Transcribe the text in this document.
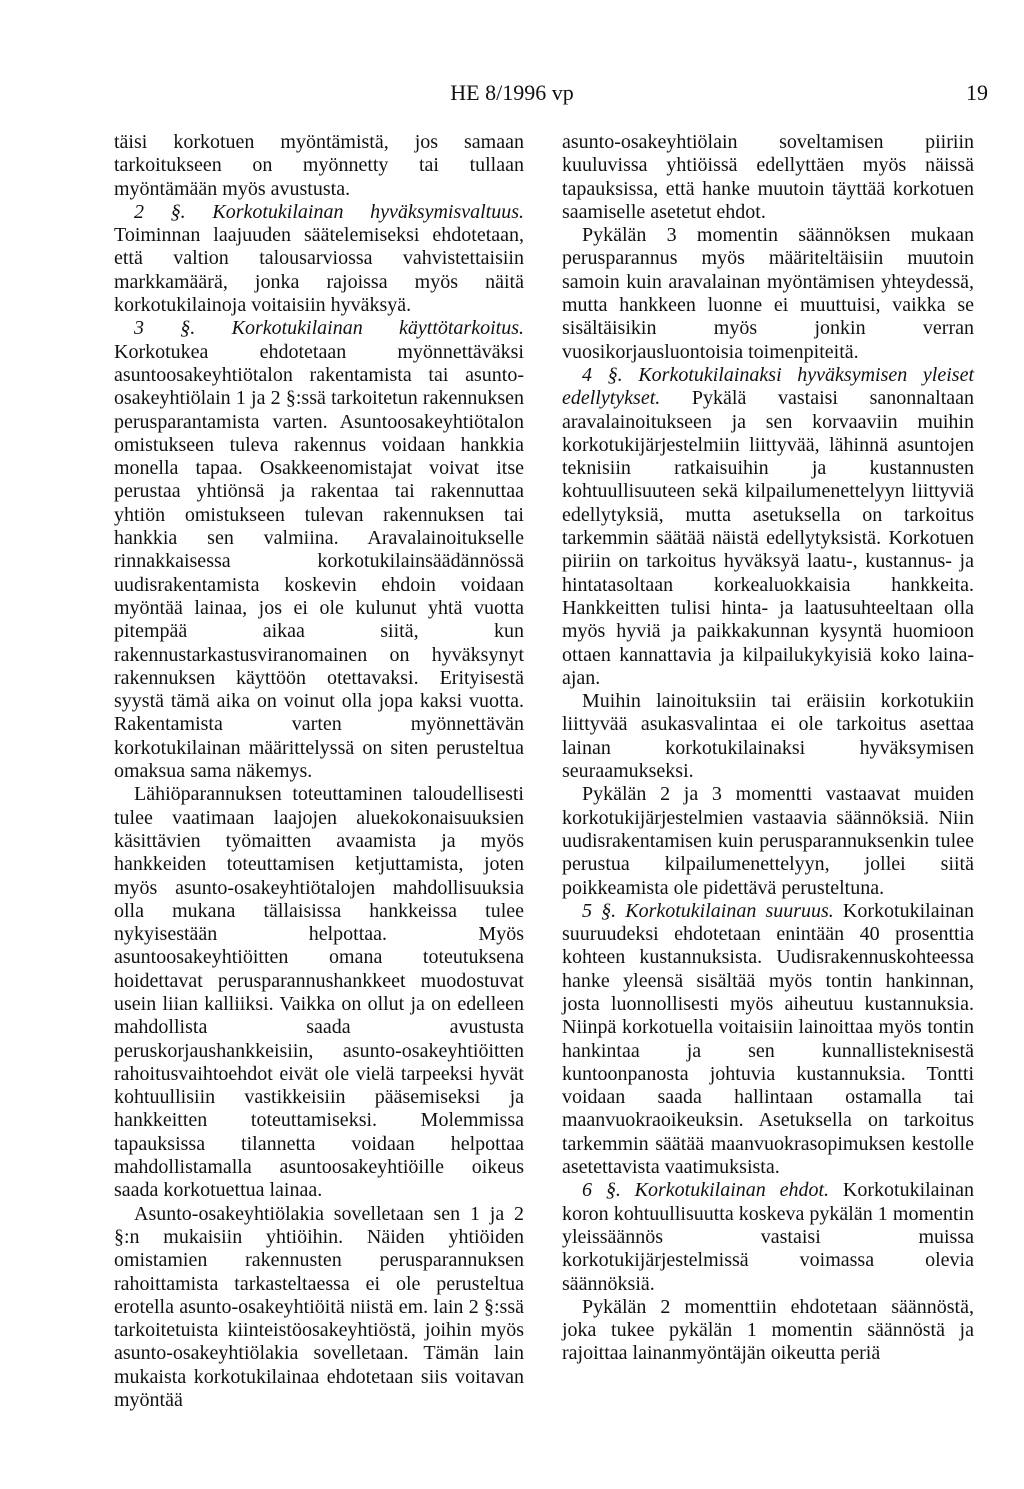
HE 8/1996 vp	19

täisi korkotuen myöntämistä, jos samaan tarkoitukseen on myönnetty tai tullaan myöntämään myös avustusta.

2 §. Korkotukilainan hyväksymisvaltuus. Toiminnan laajuuden säätelemiseksi ehdotetaan, että valtion talousarviossa vahvistettaisiin markkamäärä, jonka rajoissa myös näitä korkotukilainoja voitaisiin hyväksyä.

3 §. Korkotukilainan käyttötarkoitus. Korkotukea ehdotetaan myönnettäväksi asuntoosakeyhtiötalon rakentamista tai asunto-osakeyhtiölain 1 ja 2 §:ssä tarkoitetun rakennuksen perusparantamista varten. Asuntoosakeyhtiötalon omistukseen tuleva rakennus voidaan hankkia monella tapaa. Osakkeenomistajat voivat itse perustaa yhtiönsä ja rakentaa tai rakennuttaa yhtiön omistukseen tulevan rakennuksen tai hankkia sen valmiina. Aravalainoitukselle rinnakkaisessa korkotukilainsäädännössä uudisrakentamista koskevin ehdoin voidaan myöntää lainaa, jos ei ole kulunut yhtä vuotta pitempää aikaa siitä, kun rakennustarkastusviranomainen on hyväksynyt rakennuksen käyttöön otettavaksi. Erityisestä syystä tämä aika on voinut olla jopa kaksi vuotta. Rakentamista varten myönnettävän korkotukilainan määrittelyssä on siten perusteltua omaksua sama näkemys.

Lähiöparannuksen toteuttaminen taloudellisesti tulee vaatimaan laajojen aluekokonaisuuksien käsittävien työmaitten avaamista ja myös hankkeiden toteuttamisen ketjuttamista, joten myös asunto-osakeyhtiötalojen mahdollisuuksia olla mukana tällaisissa hankkeissa tulee nykyisestään helpottaa. Myös asuntoosakeyhtiöitten omana toteutuksena hoidettavat perusparannushankkeet muodostuvat usein liian kalliiksi. Vaikka on ollut ja on edelleen mahdollista saada avustusta peruskorjaushankkeisiin, asunto-osakeyhtiöitten rahoitusvaihtoehdot eivät ole vielä tarpeeksi hyvät kohtuullisiin vastikkeisiin pääsemiseksi ja hankkeitten toteuttamiseksi. Molemmissa tapauksissa tilannetta voidaan helpottaa mahdollistamalla asuntoosakeyhtiöille oikeus saada korkotuettua lainaa.

Asunto-osakeyhtiölakia sovelletaan sen 1 ja 2 §:n mukaisiin yhtiöihin. Näiden yhtiöiden omistamien rakennusten perusparannuksen rahoittamista tarkasteltaessa ei ole perusteltua erotella asunto-osakeyhtiöitä niistä em. lain 2 §:ssä tarkoitetuista kiinteistöosakeyhtiöstä, joihin myös asunto-osakeyhtiölakia sovelletaan. Tämän lain mukaista korkotukilainaa ehdotetaan siis voitavan myöntää

asunto-osakeyhtiölain soveltamisen piiriin kuuluvissa yhtiöissä edellyttäen myös näissä tapauksissa, että hanke muutoin täyttää korkotuen saamiselle asetetut ehdot.

Pykälän 3 momentin säännöksen mukaan perusparannus myös määriteltäisiin muutoin samoin kuin aravalainan myöntämisen yhteydessä, mutta hankkeen luonne ei muuttuisi, vaikka se sisältäisikin myös jonkin verran vuosikorjausluontoisia toimenpiteitä.

4 §. Korkotukilainaksi hyväksymisen yleiset edellytykset. Pykälä vastaisi sanonnaltaan aravalainoitukseen ja sen korvaaviin muihin korkotukijärjestelmiin liittyvää, lähinnä asuntojen teknisiin ratkaisuihin ja kustannusten kohtuullisuuteen sekä kilpailumenettelyyn liittyviä edellytyksiä, mutta asetuksella on tarkoitus tarkemmin säätää näistä edellytyksistä. Korkotuen piiriin on tarkoitus hyväksyä laatu-, kustannus- ja hintatasoltaan korkealuokkaisia hankkeita. Hankkeitten tulisi hinta- ja laatusuhteeltaan olla myös hyviä ja paikkakunnan kysyntä huomioon ottaen kannattavia ja kilpailukykyisiä koko laina-ajan.

Muihin lainoituksiin tai eräisiin korkotukiin liittyvää asukasvalintaa ei ole tarkoitus asettaa lainan korkotukilainaksi hyväksymisen seuraamukseksi.

Pykälän 2 ja 3 momentti vastaavat muiden korkotukijärjestelmien vastaavia säännöksiä. Niin uudisrakentamisen kuin perusparannuksenkin tulee perustua kilpailumenettelyyn, jollei siitä poikkeamista ole pidettävä perusteltuna.

5 §. Korkotukilainan suuruus. Korkotukilainan suuruudeksi ehdotetaan enintään 40 prosenttia kohteen kustannuksista. Uudisrakennuskohteessa hanke yleensä sisältää myös tontin hankinnan, josta luonnollisesti myös aiheutuu kustannuksia. Niinpä korkotuella voitaisiin lainoittaa myös tontin hankintaa ja sen kunnallisteknisestä kuntoonpanosta johtuvia kustannuksia. Tontti voidaan saada hallintaan ostamalla tai maanvuokraoikeuksin. Asetuksella on tarkoitus tarkemmin säätää maanvuokrasopimuksen kestolle asetettavista vaatimuksista.

6 §. Korkotukilainan ehdot. Korkotukilainan koron kohtuullisuutta koskeva pykälän 1 momentin yleissäännös vastaisi muissa korkotukijärjestelmissä voimassa olevia säännöksiä.

Pykälän 2 momenttiin ehdotetaan säännöstä, joka tukee pykälän 1 momentin säännöstä ja rajoittaa lainanmyöntäjän oikeutta periä
